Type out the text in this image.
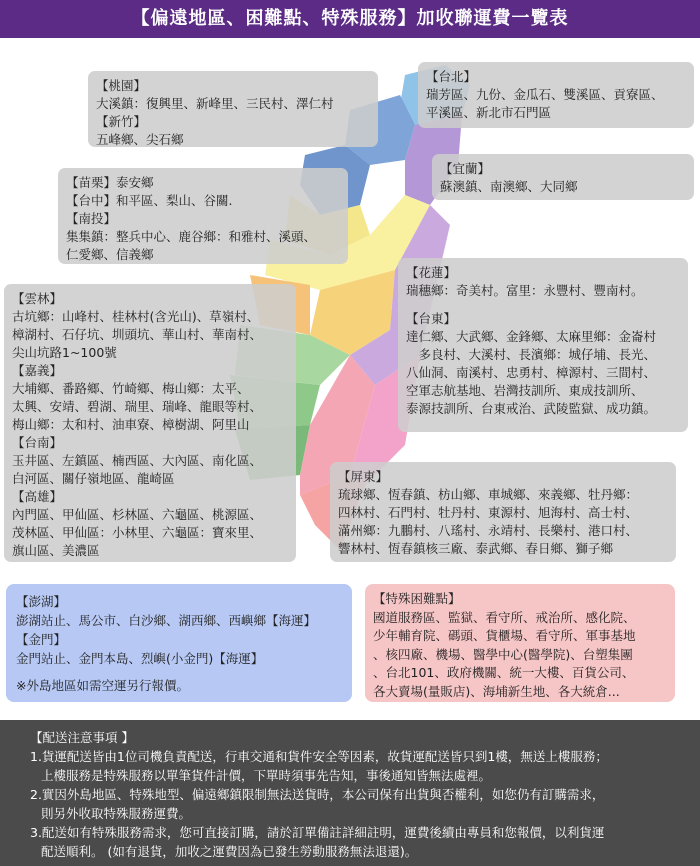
【偏遠地區、困難點、特殊服務】加收聯運費一覽表
【桃園】
大溪鎮：復興里、新峰里、三民村、澤仁村
【新竹】
五峰鄉、尖石鄉
【台北】
瑞芳區、九份、金瓜石、雙溪區、貢寮區、
平溪區、新北市石門區
【宜蘭】
蘇澳鎮、南澳鄉、大同鄉
【苗栗】泰安鄉
【台中】和平區、梨山、谷關.
【南投】
集集鎮：整兵中心、鹿谷鄉：和雅村、溪頭、
仁愛鄉、信義鄉
【花蓮】
瑞穗鄉：奇美村。富里：永豐村、豐南村。
【台東】
達仁鄉、大武鄉、金鋒鄉、太麻里鄉：金崙村
　多良村、大溪村、長濱鄉：城仔埔、長光、
八仙洞、南溪村、忠勇村、樟源村、三間村、
空軍志航基地、岩灣技訓所、東成技訓所、
泰源技訓所、台東戒治、武陵監獄、成功鎮。
【雲林】
古坑鄉：山峰村、桂林村(含光山)、草嶺村、
樟湖村、石仔坑、圳頭坑、華山村、華南村、
尖山坑路1~100號
【嘉義】
大埔鄉、番路鄉、竹崎鄉、梅山鄉：太平、
太興、安靖、碧湖、瑞里、瑞峰、龍眼等村、
梅山鄉：太和村、油車寮、樟樹湖、阿里山
【台南】
玉井區、左鎮區、楠西區、大內區、南化區、
白河區、關仔嶺地區、龍崎區
【高雄】
內門區、甲仙區、杉林區、六龜區、桃源區、
茂林區、甲仙區：小林里、六龜區：寶來里、
旗山區、美濃區
【屏東】
琉球鄉、恆春鎮、枋山鄉、車城鄉、來義鄉、牡丹鄉：
四林村、石門村、牡丹村、東源村、旭海村、高士村、
滿州鄉：九鵬村、八瑤村、永靖村、長樂村、港口村、
響林村、恆春鎮核三廠、泰武鄉、春日鄉、獅子鄉
【澎湖】
澎湖站止、馬公市、白沙鄉、湖西鄉、西嶼鄉【海運】
【金門】
金門站止、金門本島、烈嶼(小金門)【海運】
※外島地區如需空運另行報價。
【特殊困難點】
國道服務區、監獄、看守所、戒治所、感化院、
少年輔育院、碼頭、貨櫃場、看守所、軍事基地
、核四廠、機場、醫學中心(醫學院)、台塑集團
、台北101、政府機關、統一大樓、百貨公司、
各大賣場(量販店)、海埔新生地、各大統倉...
【配送注意事項 】
1.貨運配送皆由1位司機負責配送，行車交通和貨件安全等因素，故貨運配送皆只到1樓，無送上樓服務；
上樓服務是特殊服務以單筆貨件計價，下單時須事先告知，事後通知皆無法處裡。
2.實因外島地區、特殊地型、偏遠鄉鎮限制無法送貨時，本公司保有出貨與否權利，如您仍有訂購需求，
則另外收取特殊服務運費。
3.配送如有特殊服務需求，您可直接訂購，請於訂單備註詳細註明，運費後續由專員和您報價，以利貨運
配送順利。 (如有退貨，加收之運費因為已發生勞動服務無法退還)。
